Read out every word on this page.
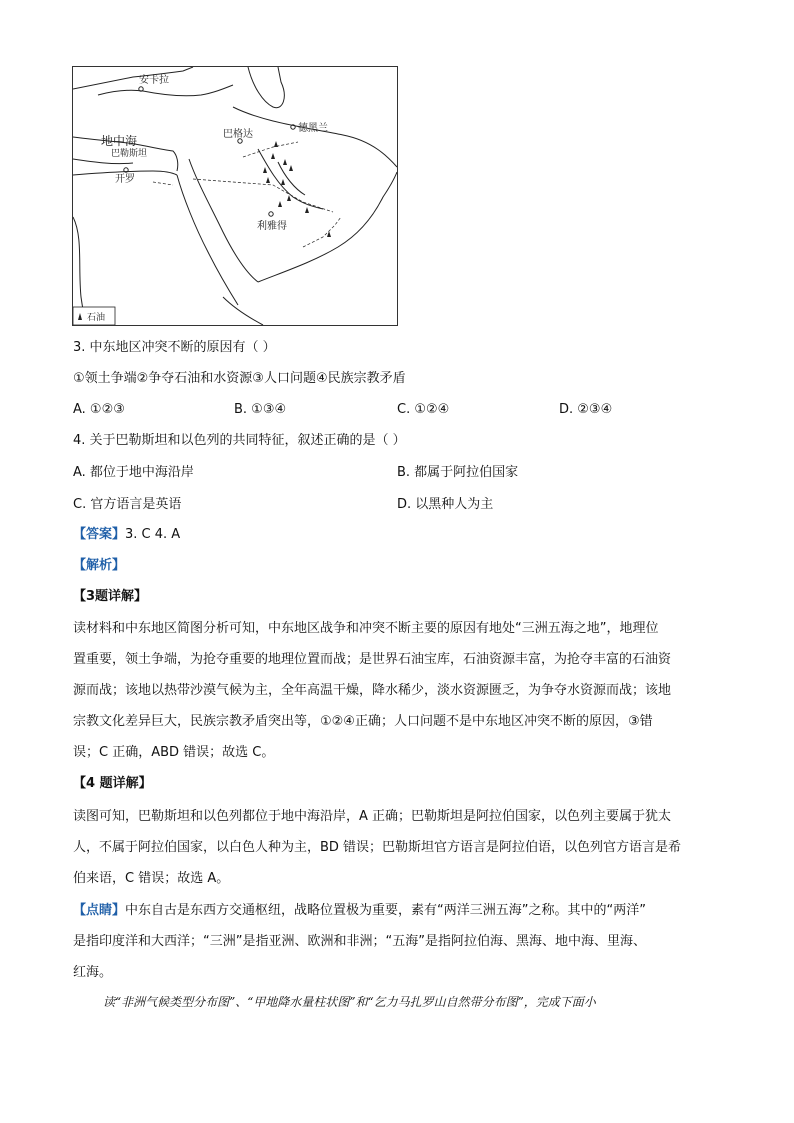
安卡拉
地中海	巴格达
德黑兰
巴勒斯坦
开罗
利雅得
石油
3. 中东地区冲突不断的原因有（ ）
①领土争端②争夺石油和水资源③人口问题④民族宗教矛盾
A. ①②③	B. ①③④	C. ①②④	D. ②③④
4. 关于巴勒斯坦和以色列的共同特征，叙述正确的是（ ）
A. 都位于地中海沿岸	B. 都属于阿拉伯国家
C. 官方语言是英语	D. 以黑种人为主
【答案】3. C 4. A
【解析】
【3题详解】
读材料和中东地区简图分析可知，中东地区战争和冲突不断主要的原因有地处“三洲五海之地”，地理位
置重要，领土争端，为抢夺重要的地理位置而战；是世界石油宝库，石油资源丰富，为抢夺丰富的石油资
源而战；该地以热带沙漠气候为主，全年高温干燥，降水稀少，淡水资源匮乏，为争夺水资源而战；该地
宗教文化差异巨大，民族宗教矛盾突出等，①②④正确；人口问题不是中东地区冲突不断的原因，③错
误；C 正确，ABD 错误；故选 C。
【4 题详解】
读图可知，巴勒斯坦和以色列都位于地中海沿岸，A 正确；巴勒斯坦是阿拉伯国家，以色列主要属于犹太
人，不属于阿拉伯国家，以白色人种为主，BD 错误；巴勒斯坦官方语言是阿拉伯语，以色列官方语言是希
伯来语，C 错误；故选 A。
【点睛】中东自古是东西方交通枢纽，战略位置极为重要，素有“两洋三洲五海”之称。其中的“两洋”
是指印度洋和大西洋；“三洲”是指亚洲、欧洲和非洲；“五海”是指阿拉伯海、黑海、地中海、里海、
红海。
读“非洲气候类型分布图”、“甲地降水量柱状图”和“乞力马扎罗山自然带分布图”，完成下面小
